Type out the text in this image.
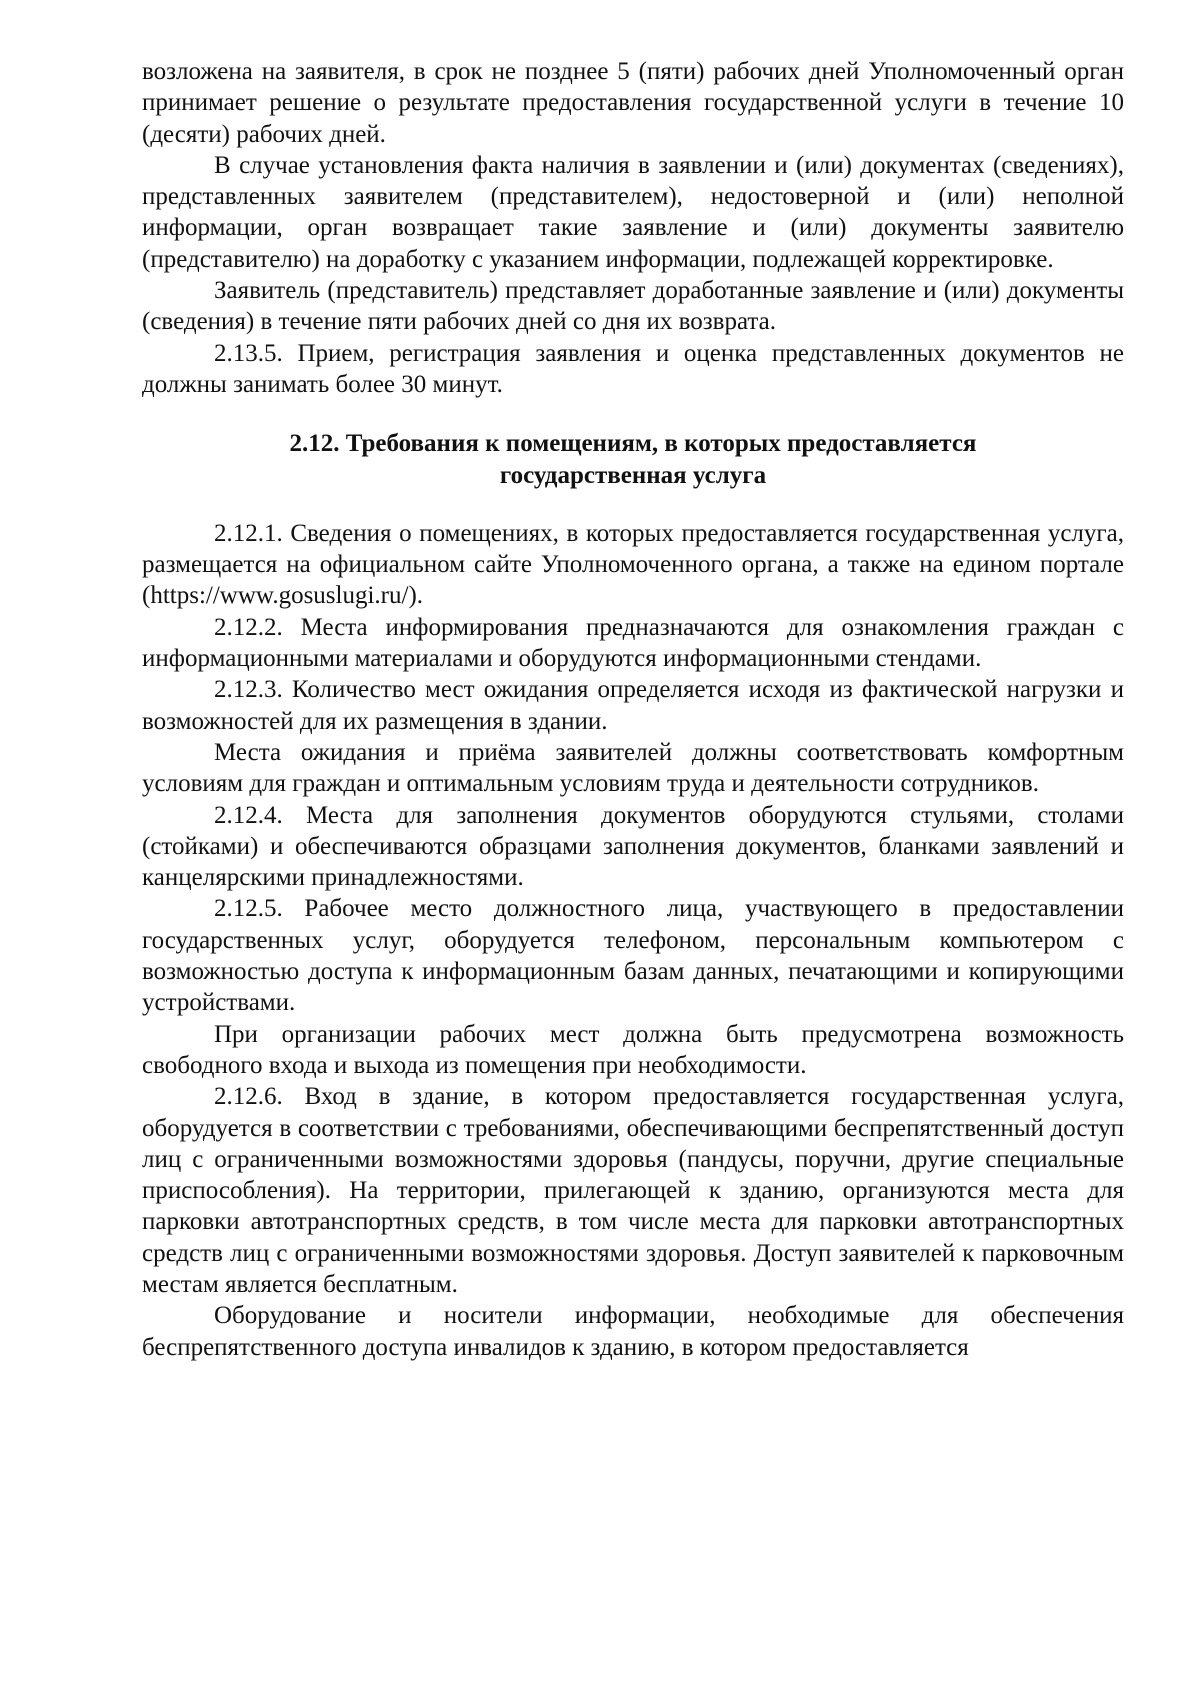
возложена на заявителя, в срок не позднее 5 (пяти) рабочих дней Уполномоченный орган принимает решение о результате предоставления государственной услуги в течение 10 (десяти) рабочих дней.

В случае установления факта наличия в заявлении и (или) документах (сведениях), представленных заявителем (представителем), недостоверной и (или) неполной информации, орган возвращает такие заявление и (или) документы заявителю (представителю) на доработку с указанием информации, подлежащей корректировке.

Заявитель (представитель) представляет доработанные заявление и (или) документы (сведения) в течение пяти рабочих дней со дня их возврата.

2.13.5. Прием, регистрация заявления и оценка представленных документов не должны занимать более 30 минут.

2.12. Требования к помещениям, в которых предоставляется
государственная услуга

2.12.1. Сведения о помещениях, в которых предоставляется государственная услуга, размещается на официальном сайте Уполномоченного органа, а также на едином портале (https://www.gosuslugi.ru/).

2.12.2. Места информирования предназначаются для ознакомления граждан с информационными материалами и оборудуются информационными стендами.

2.12.3. Количество мест ожидания определяется исходя из фактической нагрузки и возможностей для их размещения в здании.

Места ожидания и приёма заявителей должны соответствовать комфортным условиям для граждан и оптимальным условиям труда и деятельности сотрудников.

2.12.4. Места для заполнения документов оборудуются стульями, столами (стойками) и обеспечиваются образцами заполнения документов, бланками заявлений и канцелярскими принадлежностями.

2.12.5. Рабочее место должностного лица, участвующего в предоставлении государственных услуг, оборудуется телефоном, персональным компьютером с возможностью доступа к информационным базам данных, печатающими и копирующими устройствами.

При организации рабочих мест должна быть предусмотрена возможность свободного входа и выхода из помещения при необходимости.

2.12.6. Вход в здание, в котором предоставляется государственная услуга, оборудуется в соответствии с требованиями, обеспечивающими беспрепятственный доступ лиц с ограниченными возможностями здоровья (пандусы, поручни, другие специальные приспособления). На территории, прилегающей к зданию, организуются места для парковки автотранспортных средств, в том числе места для парковки автотранспортных средств лиц с ограниченными возможностями здоровья. Доступ заявителей к парковочным местам является бесплатным.

Оборудование и носители информации, необходимые для обеспечения беспрепятственного доступа инвалидов к зданию, в котором предоставляется
